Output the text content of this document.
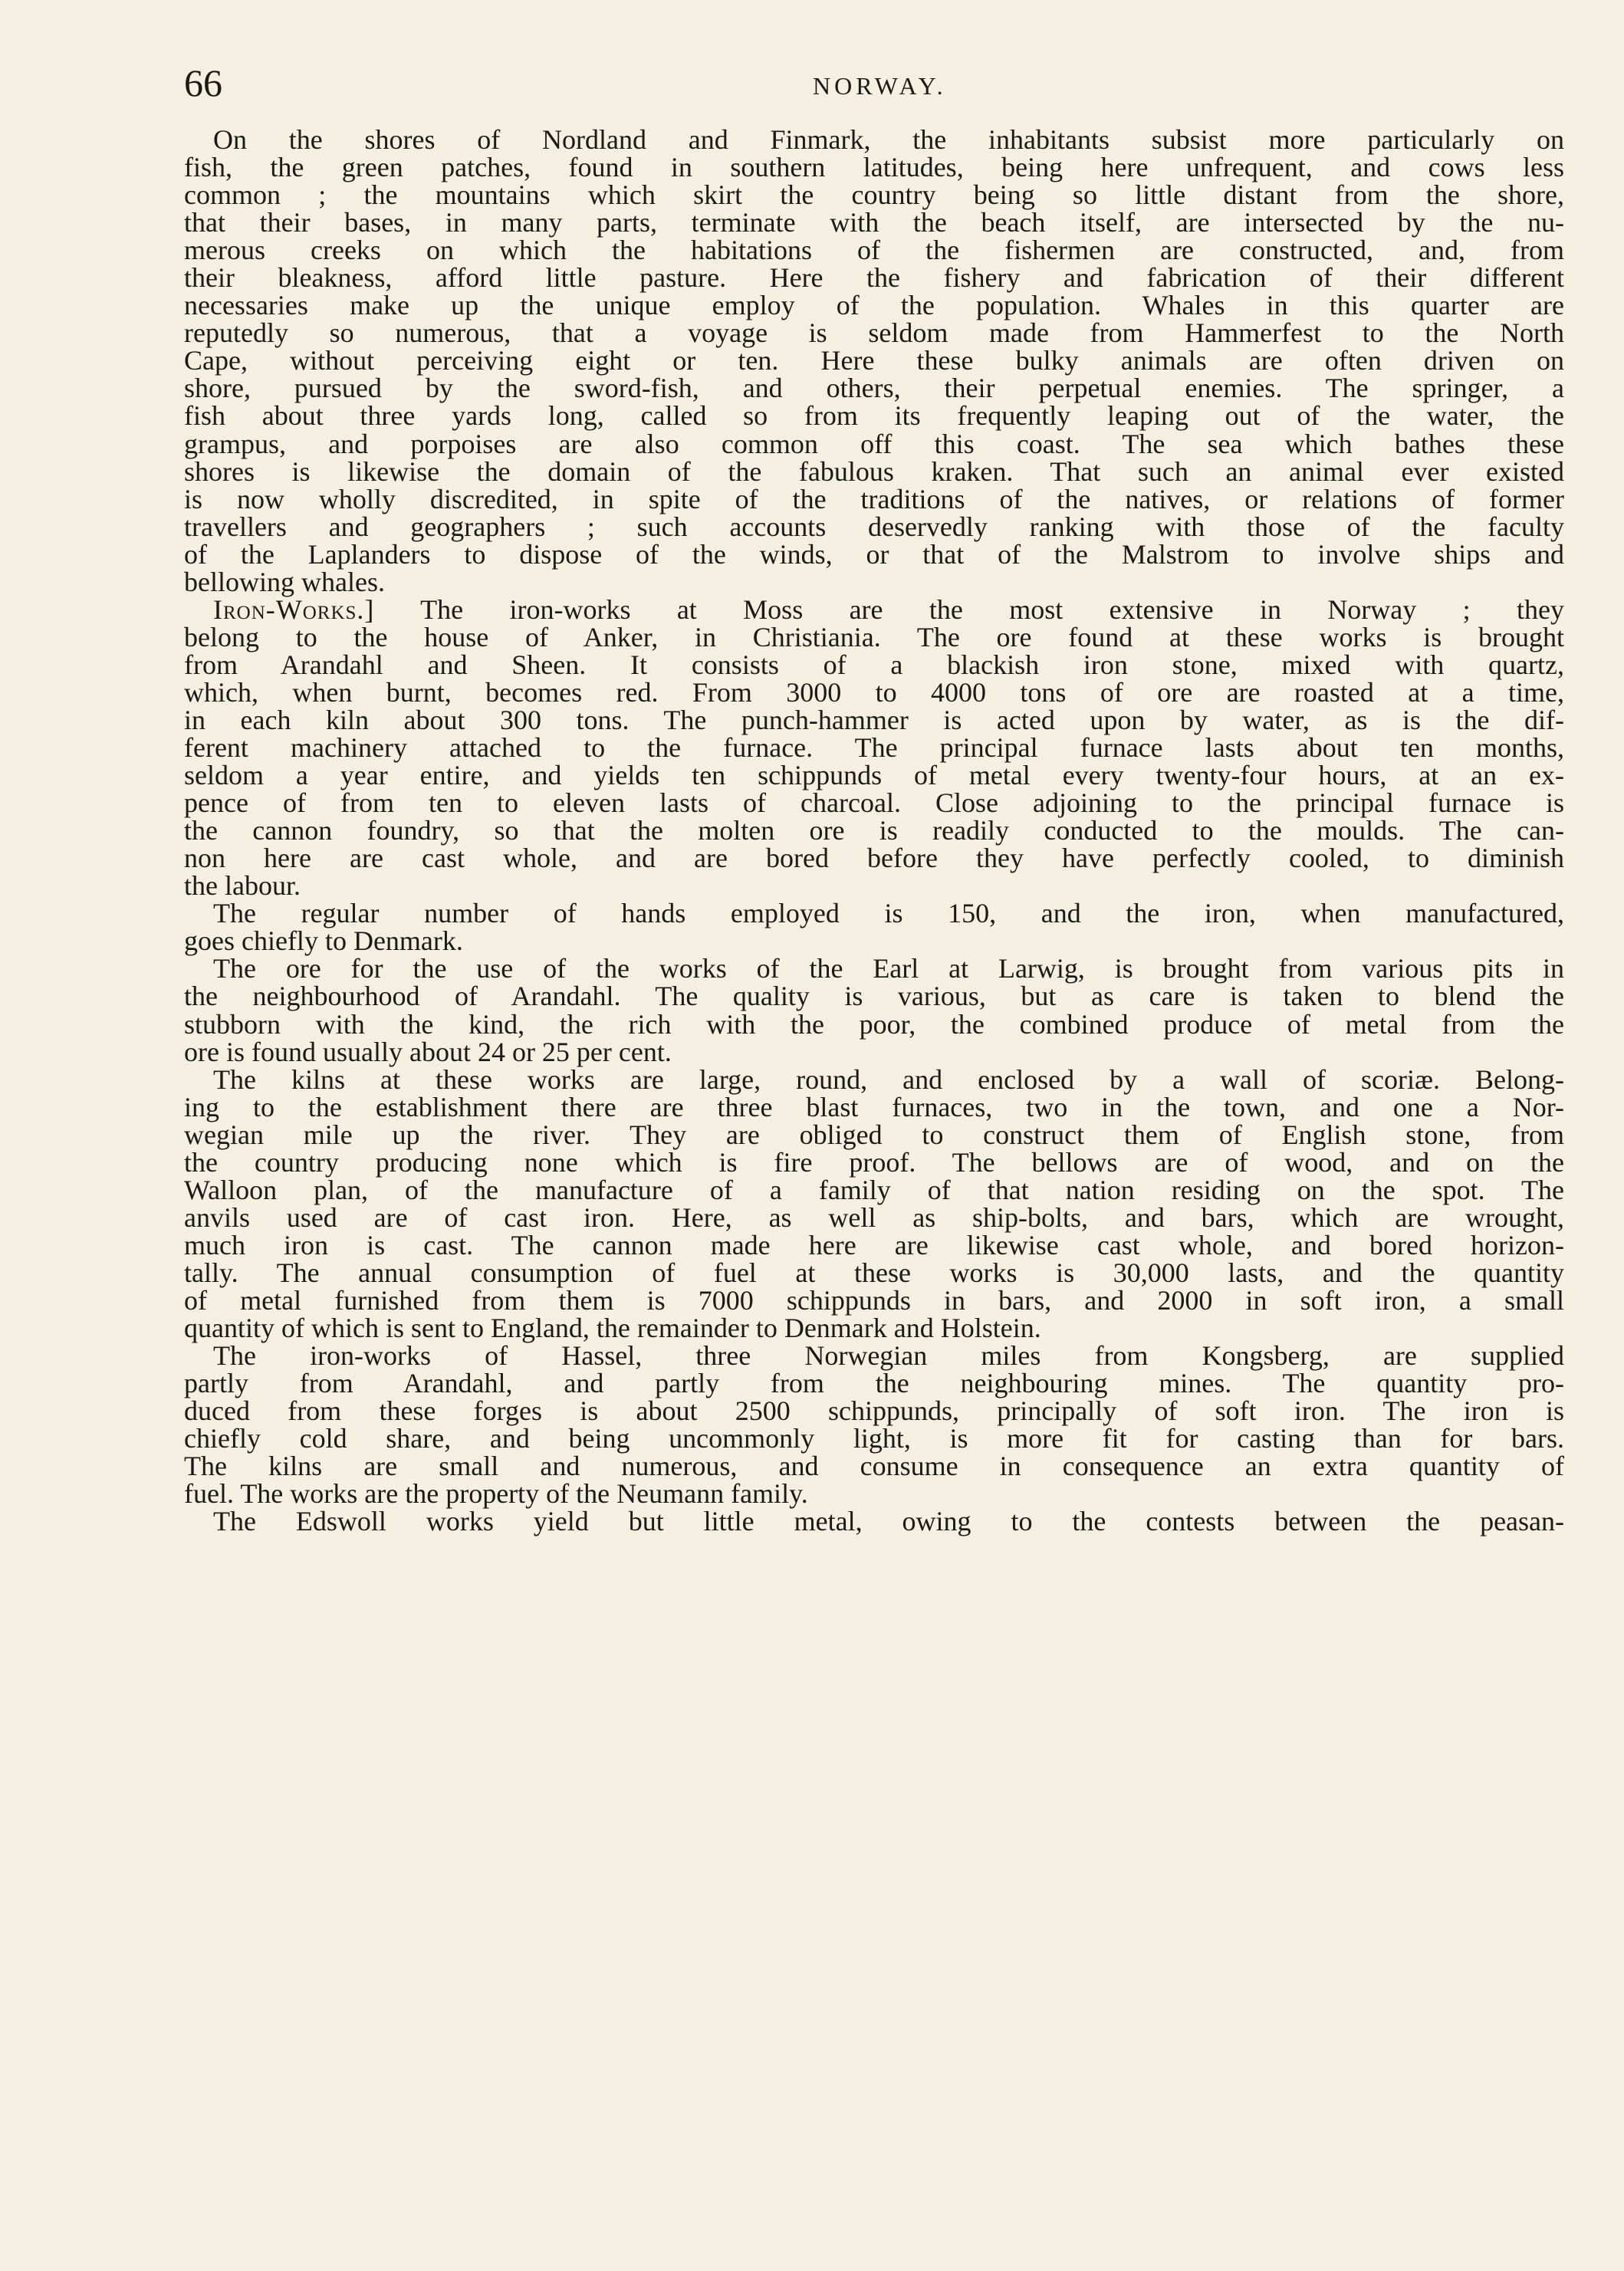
66	NORWAY.
On the shores of Nordland and Finmark, the inhabitants subsist more particularly on
fish, the green patches, found in southern latitudes, being here unfrequent, and cows less
common ; the mountains which skirt the country being so little distant from the shore,
that their bases, in many parts, terminate with the beach itself, are intersected by the nu-
merous creeks on which the habitations of the fishermen are constructed, and, from
their bleakness, afford little pasture. Here the fishery and fabrication of their different
necessaries make up the unique employ of the population. Whales in this quarter are
reputedly so numerous, that a voyage is seldom made from Hammerfest to the North
Cape, without perceiving eight or ten. Here these bulky animals are often driven on
shore, pursued by the sword-fish, and others, their perpetual enemies. The springer, a
fish about three yards long, called so from its frequently leaping out of the water, the
grampus, and porpoises are also common off this coast. The sea which bathes these
shores is likewise the domain of the fabulous kraken. That such an animal ever existed
is now wholly discredited, in spite of the traditions of the natives, or relations of former
travellers and geographers ; such accounts deservedly ranking with those of the faculty
of the Laplanders to dispose of the winds, or that of the Malstrom to involve ships and
bellowing whales.
Iron-Works.] The iron-works at Moss are the most extensive in Norway ; they
belong to the house of Anker, in Christiania. The ore found at these works is brought
from Arandahl and Sheen. It consists of a blackish iron stone, mixed with quartz,
which, when burnt, becomes red. From 3000 to 4000 tons of ore are roasted at a time,
in each kiln about 300 tons. The punch-hammer is acted upon by water, as is the dif-
ferent machinery attached to the furnace. The principal furnace lasts about ten months,
seldom a year entire, and yields ten schippunds of metal every twenty-four hours, at an ex-
pence of from ten to eleven lasts of charcoal. Close adjoining to the principal furnace is
the cannon foundry, so that the molten ore is readily conducted to the moulds. The can-
non here are cast whole, and are bored before they have perfectly cooled, to diminish
the labour.
The regular number of hands employed is 150, and the iron, when manufactured,
goes chiefly to Denmark.
The ore for the use of the works of the Earl at Larwig, is brought from various pits in
the neighbourhood of Arandahl. The quality is various, but as care is taken to blend the
stubborn with the kind, the rich with the poor, the combined produce of metal from the
ore is found usually about 24 or 25 per cent.
The kilns at these works are large, round, and enclosed by a wall of scoriæ. Belong-
ing to the establishment there are three blast furnaces, two in the town, and one a Nor-
wegian mile up the river. They are obliged to construct them of English stone, from
the country producing none which is fire proof. The bellows are of wood, and on the
Walloon plan, of the manufacture of a family of that nation residing on the spot. The
anvils used are of cast iron. Here, as well as ship-bolts, and bars, which are wrought,
much iron is cast. The cannon made here are likewise cast whole, and bored horizon-
tally. The annual consumption of fuel at these works is 30,000 lasts, and the quantity
of metal furnished from them is 7000 schippunds in bars, and 2000 in soft iron, a small
quantity of which is sent to England, the remainder to Denmark and Holstein.
The iron-works of Hassel, three Norwegian miles from Kongsberg, are supplied
partly from Arandahl, and partly from the neighbouring mines. The quantity pro-
duced from these forges is about 2500 schippunds, principally of soft iron. The iron is
chiefly cold share, and being uncommonly light, is more fit for casting than for bars.
The kilns are small and numerous, and consume in consequence an extra quantity of
fuel. The works are the property of the Neumann family.
The Edswoll works yield but little metal, owing to the contests between the peasan-
